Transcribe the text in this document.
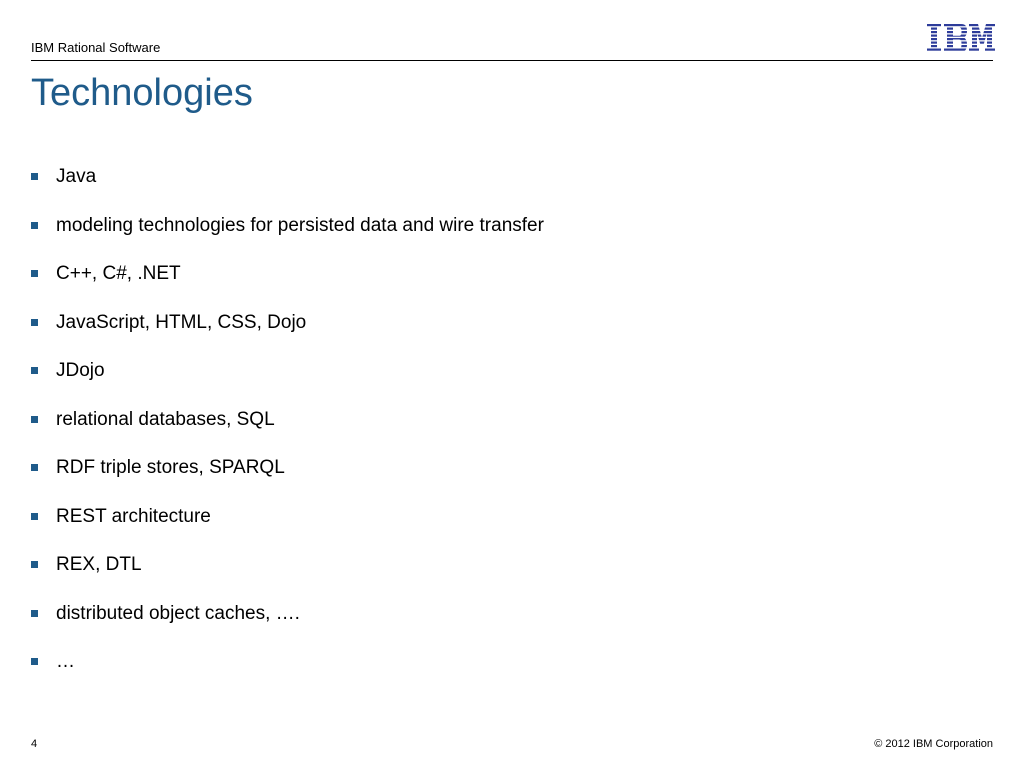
IBM Rational Software
Technologies
Java
modeling technologies for persisted data and wire transfer
C++, C#, .NET
JavaScript, HTML, CSS, Dojo
JDojo
relational databases, SQL
RDF triple stores, SPARQL
REST architecture
REX, DTL
distributed object caches, ….
…
4	© 2012 IBM Corporation
